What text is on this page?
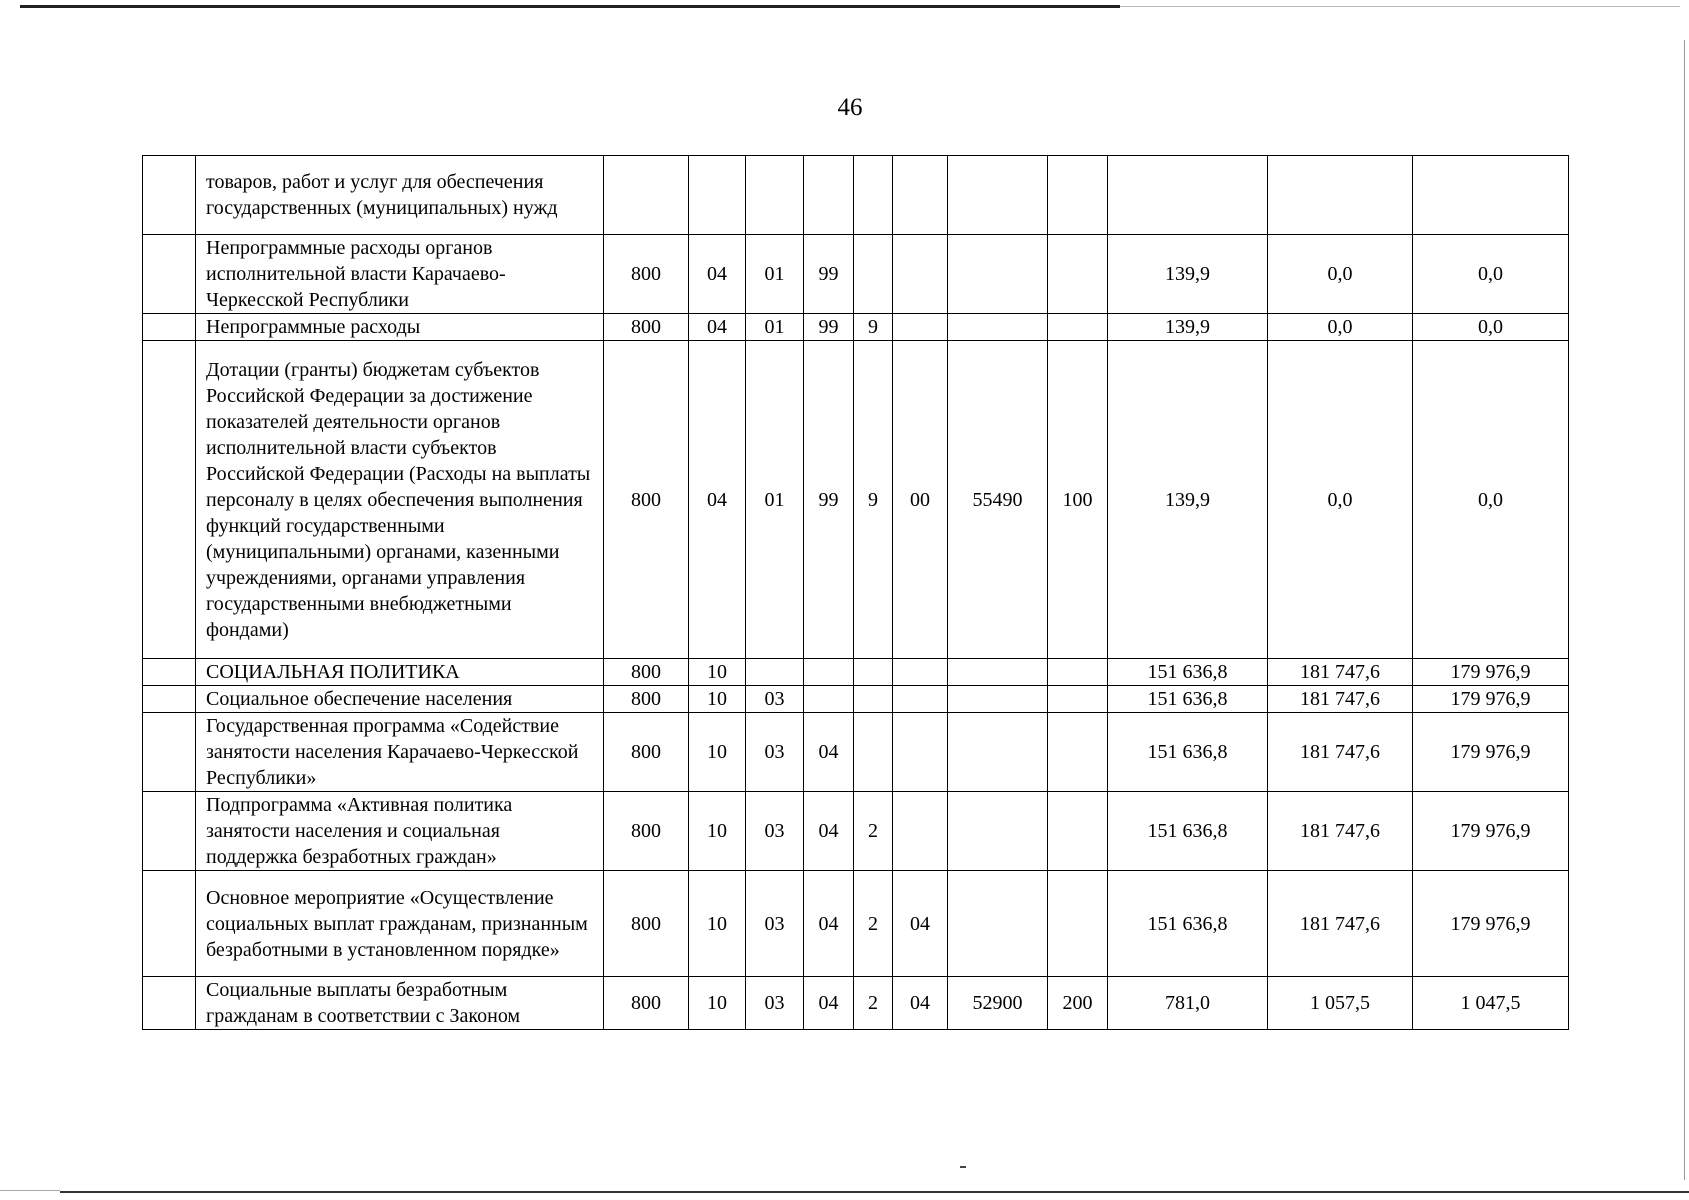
46
	товаров, работ и услуг для обеспечения государственных (муниципальных) нужд											
	Непрограммные расходы органов исполнительной власти Карачаево-Черкесской Республики	800	04	01	99					139,9	0,0	0,0
	Непрограммные расходы	800	04	01	99	9				139,9	0,0	0,0
	Дотации (гранты) бюджетам субъектов Российской Федерации за достижение показателей деятельности органов исполнительной власти субъектов Российской Федерации (Расходы на выплаты персоналу в целях обеспечения выполнения функций государственными (муниципальными) органами, казенными учреждениями, органами управления государственными внебюджетными фондами)	800	04	01	99	9	00	55490	100	139,9	0,0	0,0
	СОЦИАЛЬНАЯ ПОЛИТИКА	800	10							151 636,8	181 747,6	179 976,9
	Социальное обеспечение населения	800	10	03						151 636,8	181 747,6	179 976,9
	Государственная программа «Содействие занятости населения Карачаево-Черкесской Республики»	800	10	03	04					151 636,8	181 747,6	179 976,9
	Подпрограмма «Активная политика занятости населения и социальная поддержка безработных граждан»	800	10	03	04	2				151 636,8	181 747,6	179 976,9
	Основное мероприятие «Осуществление социальных выплат гражданам, признанным безработными в установленном порядке»	800	10	03	04	2	04			151 636,8	181 747,6	179 976,9
	Социальные выплаты безработным гражданам в соответствии с Законом	800	10	03	04	2	04	52900	200	781,0	1 057,5	1 047,5
